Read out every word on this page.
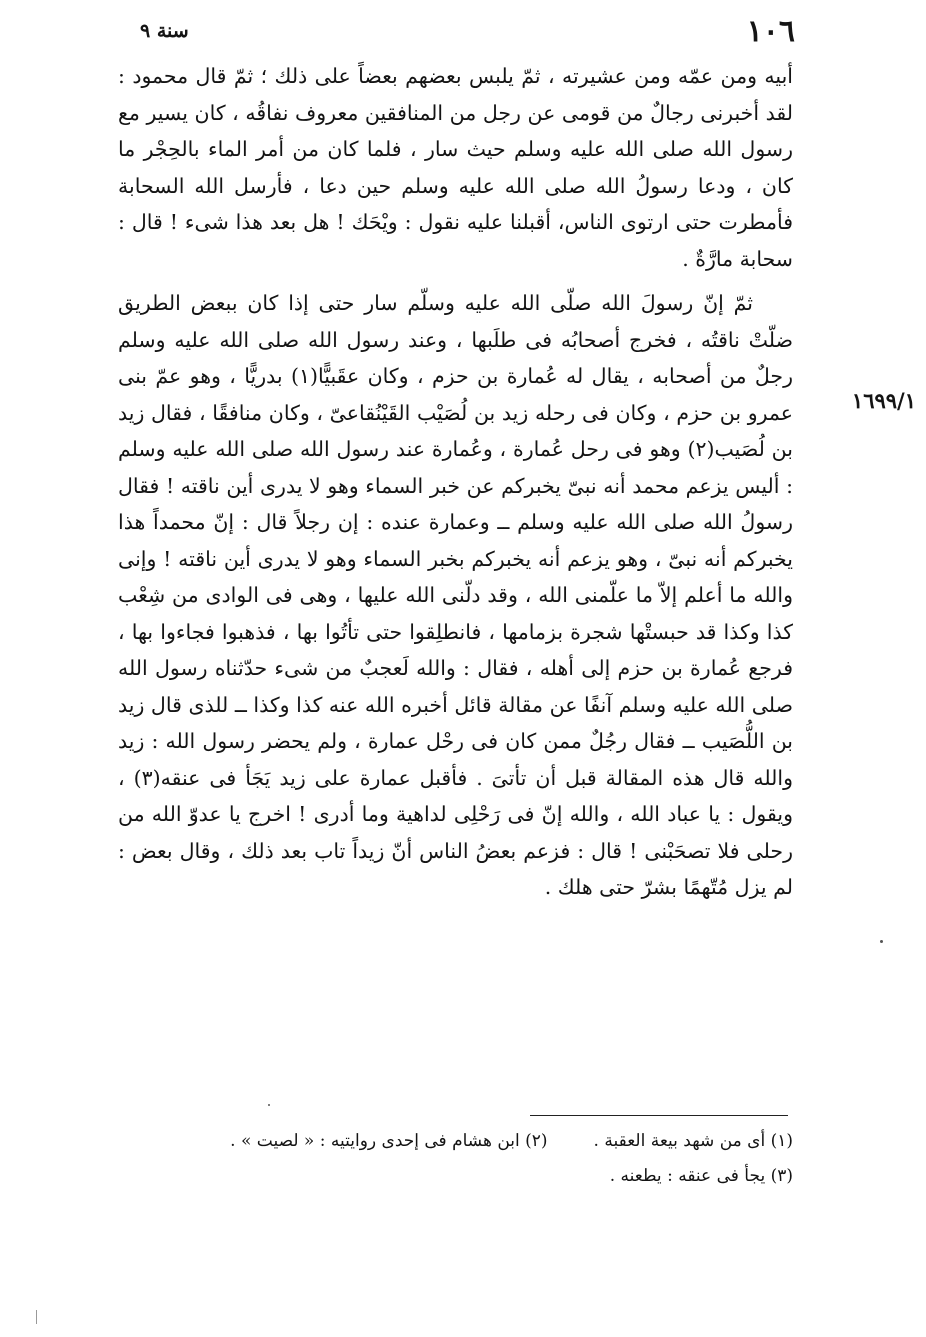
١٠٦
سنة ٩
١٦٩٩/١

أبيه ومن عمّه ومن عشيرته ، ثمّ يلبس بعضهم بعضاً على ذلك ؛ ثمّ قال محمود : لقد أخبرنى رجالٌ من قومى عن رجل من المنافقين معروف نفاقُه ، كان يسير مع رسول الله صلى الله عليه وسلم حيث سار ، فلما كان من أمر الماء بالحِجْر ما كان ، ودعا رسولُ الله صلى الله عليه وسلم حين دعا ، فأرسل الله السحابة فأمطرت حتى ارتوى الناس، أقبلنا عليه نقول : ويْحَك ! هل بعد هذا شىء ! قال : سحابة مارَّةٌ .

ثمّ إنّ رسولَ الله صلّى الله عليه وسلّم سار حتى إذا كان ببعض الطريق ضلّتْ ناقتُه ، فخرج أصحابُه فى طلَبها ، وعند رسول الله صلى الله عليه وسلم رجلٌ من أصحابه ، يقال له عُمارة بن حزم ، وكان عقَبيًّا(١) بدريًّا ، وهو عمّ بنى عمرو بن حزم ، وكان فى رحله زيد بن لُصَيْب القَيْنُقاعىّ ، وكان منافقًا ، فقال زيد بن لُصَيب(٢) وهو فى رحل عُمارة ، وعُمارة عند رسول الله صلى الله عليه وسلم : أليس يزعم محمد أنه نبىّ يخبركم عن خبر السماء وهو لا يدرى أين ناقته ! فقال رسولُ الله صلى الله عليه وسلم ــ وعمارة عنده : إن رجلاً قال : إنّ محمداً هذا يخبركم أنه نبىّ ، وهو يزعم أنه يخبركم بخبر السماء وهو لا يدرى أين ناقته ! وإنى والله ما أعلم إلاّ ما علّمنى الله ، وقد دلّنى الله عليها ، وهى فى الوادى من شِعْب كذا وكذا قد حبستْها شجرة بزمامها ، فانطلِقوا حتى تأتُوا بها ، فذهبوا فجاءوا بها ، فرجع عُمارة بن حزم إلى أهله ، فقال : والله لَعجبٌ من شىء حدّثناه رسول الله صلى الله عليه وسلم آنفًا عن مقالة قائل أخبره الله عنه كذا وكذا ــ للذى قال زيد بن اللُّصَيب ــ فقال رجُلٌ ممن كان فى رحْل عمارة ، ولم يحضر رسول الله : زيد والله قال هذه المقالة قبل أن تأتىَ . فأقبل عمارة على زيد يَجَأ فى عنقه(٣) ، ويقول : يا عباد الله ، والله إنّ فى رَحْلِى لداهية وما أدرى ! اخرج يا عدوّ الله من رحلى فلا تصحَبْنى ! قال : فزعم بعضُ الناس أنّ زيداً تاب بعد ذلك ، وقال بعض : لم يزل مُتّهمًا بشرّ حتى هلك .

(١) أى من شهد بيعة العقبة .
(٢) ابن هشام فى إحدى روايتيه : « لصيت » .
(٣) يجأ فى عنقه : يطعنه .
